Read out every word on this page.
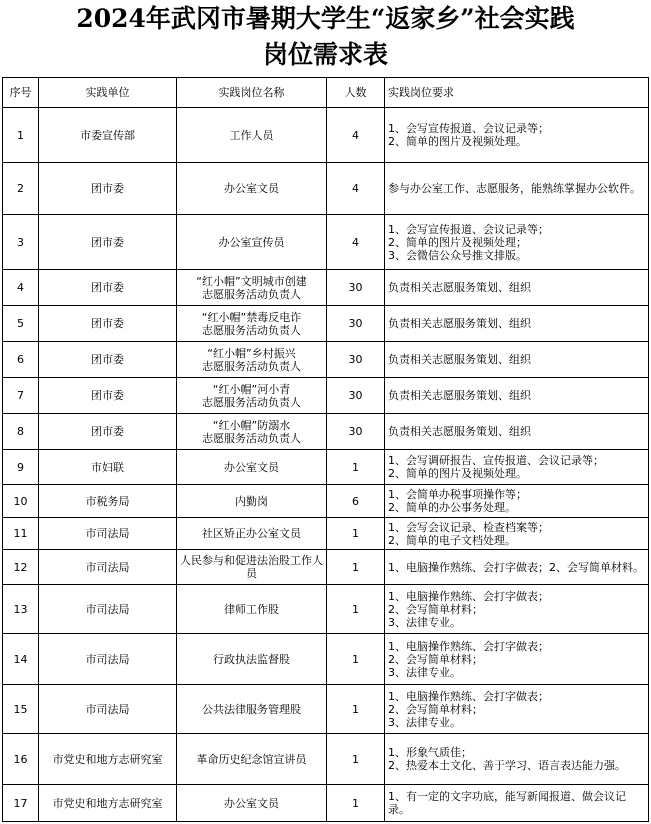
2024年武冈市暑期大学生“返家乡”社会实践
岗位需求表
序号	实践单位	实践岗位名称	人数	实践岗位要求
1	市委宣传部	工作人员	4	1、会写宣传报道、会议记录等；
2、简单的图片及视频处理。
2	团市委	办公室文员	4	参与办公室工作、志愿服务，能熟练掌握办公软件。
3	团市委	办公室宣传员	4	1、会写宣传报道、会议记录等；
2、简单的图片及视频处理；
3、会微信公众号推文排版。
4	团市委	“红小帽”文明城市创建
志愿服务活动负责人	30	负责相关志愿服务策划、组织
5	团市委	“红小帽”禁毒反电诈
志愿服务活动负责人	30	负责相关志愿服务策划、组织
6	团市委	“红小帽”乡村振兴
志愿服务活动负责人	30	负责相关志愿服务策划、组织
7	团市委	“红小帽”河小青
志愿服务活动负责人	30	负责相关志愿服务策划、组织
8	团市委	“红小帽”防溺水
志愿服务活动负责人	30	负责相关志愿服务策划、组织
9	市妇联	办公室文员	1	1、会写调研报告、宣传报道、会议记录等；
2、简单的图片及视频处理。
10	市税务局	内勤岗	6	1、会简单办税事项操作等；
2、简单的办公事务处理。
11	市司法局	社区矫正办公室文员	1	1、会写会议记录、检查档案等；
2、简单的电子文档处理。
12	市司法局	人民参与和促进法治股工作人员	1	1、电脑操作熟练、会打字做表；2、会写简单材料。
13	市司法局	律师工作股	1	1、电脑操作熟练、会打字做表；
2、会写简单材料；
3、法律专业。
14	市司法局	行政执法监督股	1	1、电脑操作熟练、会打字做表；
2、会写简单材料；
3、法律专业。
15	市司法局	公共法律服务管理股	1	1、电脑操作熟练、会打字做表；
2、会写简单材料；
3、法律专业。
16	市党史和地方志研究室	革命历史纪念馆宣讲员	1	1、形象气质佳；
2、热爱本土文化、善于学习、语言表达能力强。
17	市党史和地方志研究室	办公室文员	1	1、有一定的文字功底，能写新闻报道、做会议记录。
